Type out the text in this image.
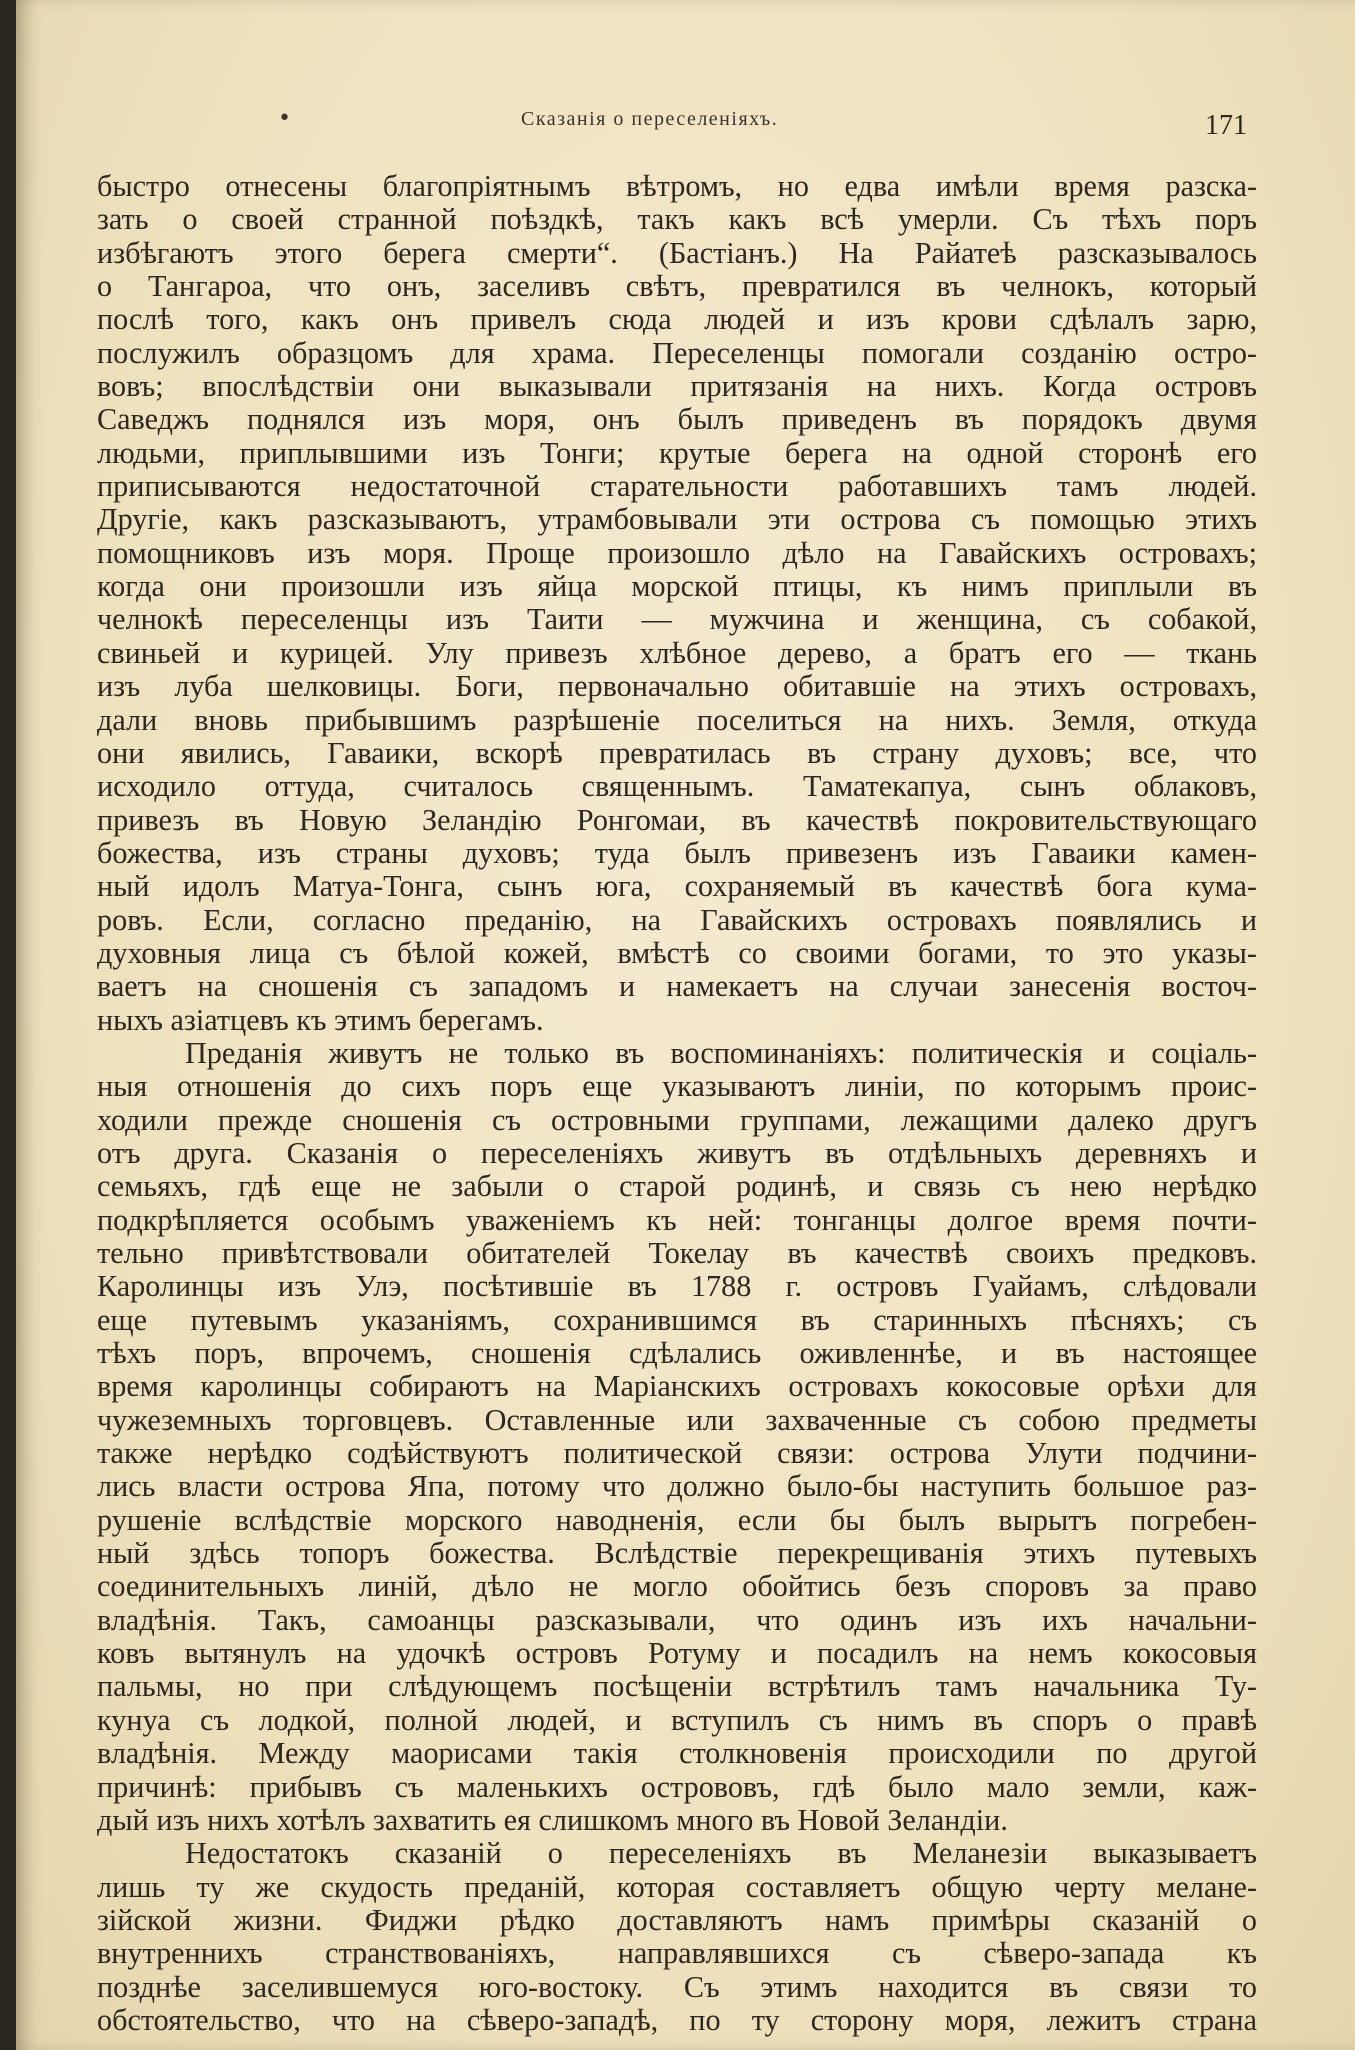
•	Сказанія о переселеніяхъ.	171
быстро отнесены благопріятнымъ вѣтромъ, но едва имѣли время разска-
зать о своей странной поѣздкѣ, такъ какъ всѣ умерли. Съ тѣхъ поръ
избѣгаютъ этого берега смерти“. (Бастіанъ.) На Райатеѣ разсказывалось
о Тангароа, что онъ, заселивъ свѣтъ, превратился въ челнокъ, который
послѣ того, какъ онъ привелъ сюда людей и изъ крови сдѣлалъ зарю,
послужилъ образцомъ для храма. Переселенцы помогали созданію остро-
вовъ; впослѣдствіи они выказывали притязанія на нихъ. Когда островъ
Саведжъ поднялся изъ моря, онъ былъ приведенъ въ порядокъ двумя
людьми, приплывшими изъ Тонги; крутые берега на одной сторонѣ его
приписываются недостаточной старательности работавшихъ тамъ людей.
Другіе, какъ разсказываютъ, утрамбовывали эти острова съ помощью этихъ
помощниковъ изъ моря. Проще произошло дѣло на Гавайскихъ островахъ;
когда они произошли изъ яйца морской птицы, къ нимъ приплыли въ
челнокѣ переселенцы изъ Таити — мужчина и женщина, съ собакой,
свиньей и курицей. Улу привезъ хлѣбное дерево, а братъ его — ткань
изъ луба шелковицы. Боги, первоначально обитавшіе на этихъ островахъ,
дали вновь прибывшимъ разрѣшеніе поселиться на нихъ. Земля, откуда
они явились, Гаваики, вскорѣ превратилась въ страну духовъ; все, что
исходило оттуда, считалось священнымъ. Таматекапуа, сынъ облаковъ,
привезъ въ Новую Зеландію Ронгомаи, въ качествѣ покровительствующаго
божества, изъ страны духовъ; туда былъ привезенъ изъ Гаваики камен-
ный идолъ Матуа-Тонга, сынъ юга, сохраняемый въ качествѣ бога кума-
ровъ. Если, согласно преданію, на Гавайскихъ островахъ появлялись и
духовныя лица съ бѣлой кожей, вмѣстѣ со своими богами, то это указы-
ваетъ на сношенія съ западомъ и намекаетъ на случаи занесенія восточ-
ныхъ азіатцевъ къ этимъ берегамъ.
Преданія живутъ не только въ воспоминаніяхъ: политическія и соціаль-
ныя отношенія до сихъ поръ еще указываютъ линіи, по которымъ проис-
ходили прежде сношенія съ островными группами, лежащими далеко другъ
отъ друга. Сказанія о переселеніяхъ живутъ въ отдѣльныхъ деревняхъ и
семьяхъ, гдѣ еще не забыли о старой родинѣ, и связь съ нею нерѣдко
подкрѣпляется особымъ уваженіемъ къ ней: тонганцы долгое время почти-
тельно привѣтствовали обитателей Токелау въ качествѣ своихъ предковъ.
Каролинцы изъ Улэ, посѣтившіе въ 1788 г. островъ Гуайамъ, слѣдовали
еще путевымъ указаніямъ, сохранившимся въ старинныхъ пѣсняхъ; съ
тѣхъ поръ, впрочемъ, сношенія сдѣлались оживленнѣе, и въ настоящее
время каролинцы собираютъ на Маріанскихъ островахъ кокосовые орѣхи для
чужеземныхъ торговцевъ. Оставленные или захваченные съ собою предметы
также нерѣдко содѣйствуютъ политической связи: острова Улути подчини-
лись власти острова Япа, потому что должно было-бы наступить большое раз-
рушеніе вслѣдствіе морского наводненія, если бы былъ вырытъ погребен-
ный здѣсь топоръ божества. Вслѣдствіе перекрещиванія этихъ путевыхъ
соединительныхъ линій, дѣло не могло обойтись безъ споровъ за право
владѣнія. Такъ, самоанцы разсказывали, что одинъ изъ ихъ начальни-
ковъ вытянулъ на удочкѣ островъ Ротуму и посадилъ на немъ кокосовыя
пальмы, но при слѣдующемъ посѣщеніи встрѣтилъ тамъ начальника Ту-
кунуа съ лодкой, полной людей, и вступилъ съ нимъ въ споръ о правѣ
владѣнія. Между маорисами такія столкновенія происходили по другой
причинѣ: прибывъ съ маленькихъ острововъ, гдѣ было мало земли, каж-
дый изъ нихъ хотѣлъ захватить ея слишкомъ много въ Новой Зеландіи.
Недостатокъ сказаній о переселеніяхъ въ Меланезіи выказываетъ
лишь ту же скудость преданій, которая составляетъ общую черту мелане-
зійской жизни. Фиджи рѣдко доставляютъ намъ примѣры сказаній о
внутреннихъ странствованіяхъ, направлявшихся съ сѣверо-запада къ
позднѣе заселившемуся юго-востоку. Съ этимъ находится въ связи то
обстоятельство, что на сѣверо-западѣ, по ту сторону моря, лежитъ страна
